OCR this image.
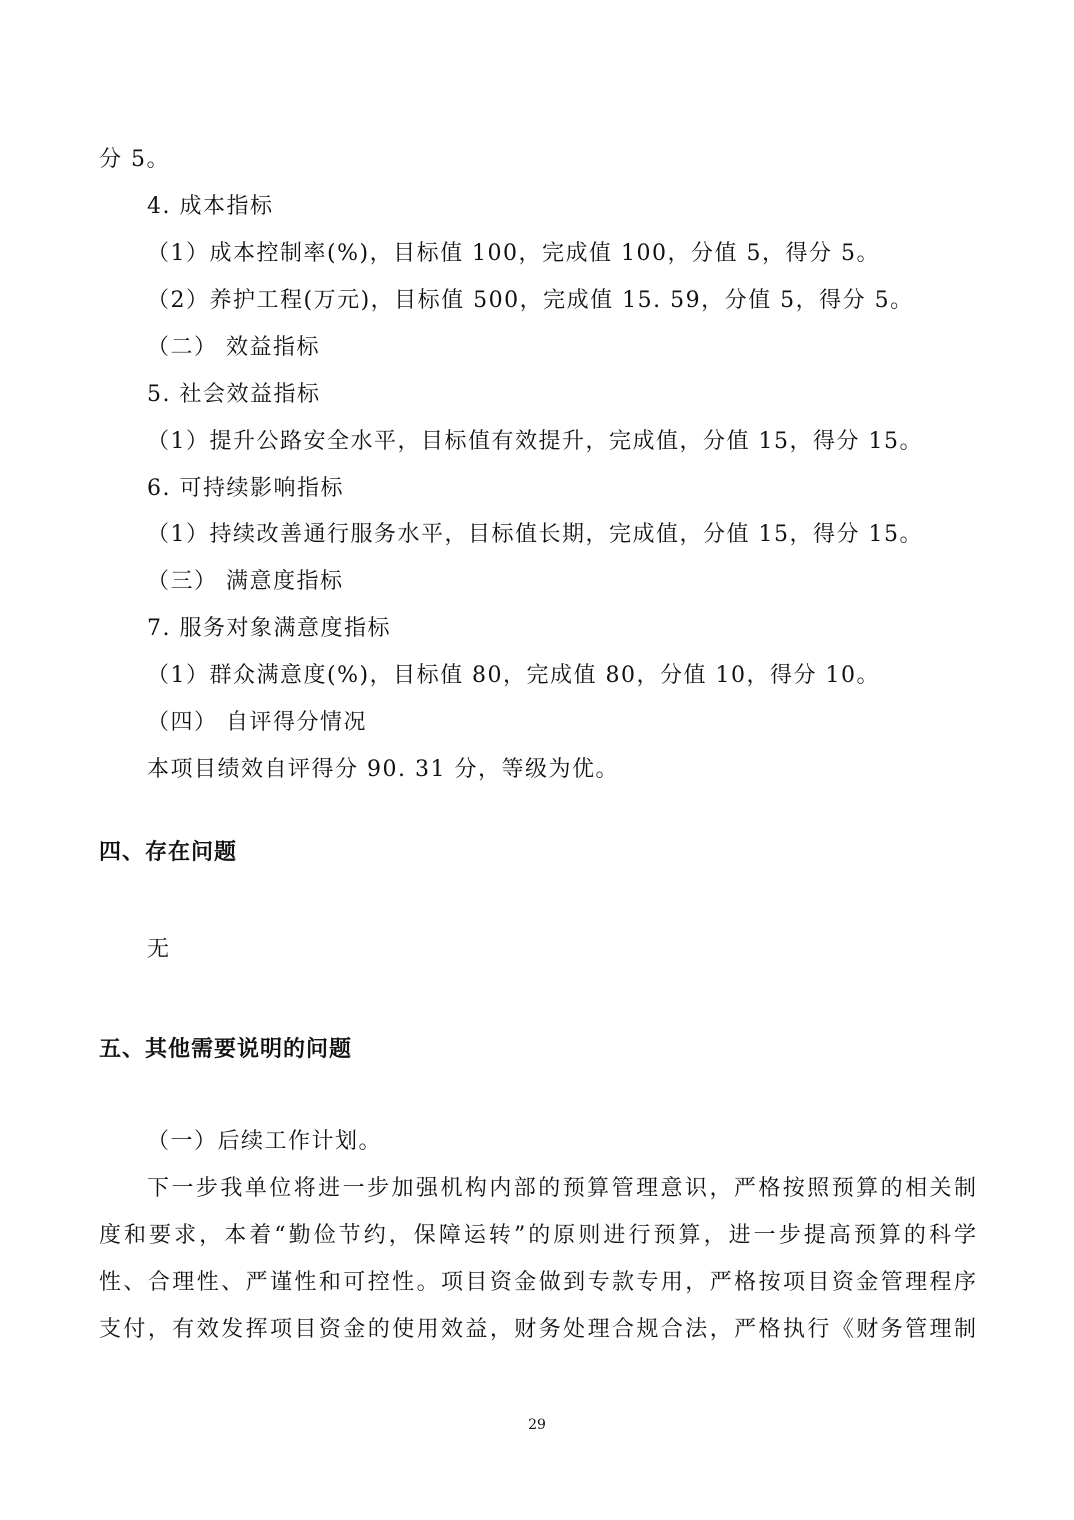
分 5。
4. 成本指标
（1）成本控制率(%)，目标值 100，完成值 100，分值 5，得分 5。
（2）养护工程(万元)，目标值 500，完成值 15. 59，分值 5，得分 5。
（二） 效益指标
5. 社会效益指标
（1）提升公路安全水平，目标值有效提升，完成值，分值 15，得分 15。
6. 可持续影响指标
（1）持续改善通行服务水平，目标值长期，完成值，分值 15，得分 15。
（三） 满意度指标
7. 服务对象满意度指标
（1）群众满意度(%)，目标值 80，完成值 80，分值 10，得分 10。
（四） 自评得分情况
本项目绩效自评得分 90. 31 分，等级为优。
四、存在问题
无
五、其他需要说明的问题
（一）后续工作计划。
下一步我单位将进一步加强机构内部的预算管理意识，严格按照预算的相关制
度和要求，本着“勤俭节约，保障运转”的原则进行预算，进一步提高预算的科学
性、合理性、严谨性和可控性。项目资金做到专款专用，严格按项目资金管理程序
支付，有效发挥项目资金的使用效益，财务处理合规合法，严格执行《财务管理制
29
